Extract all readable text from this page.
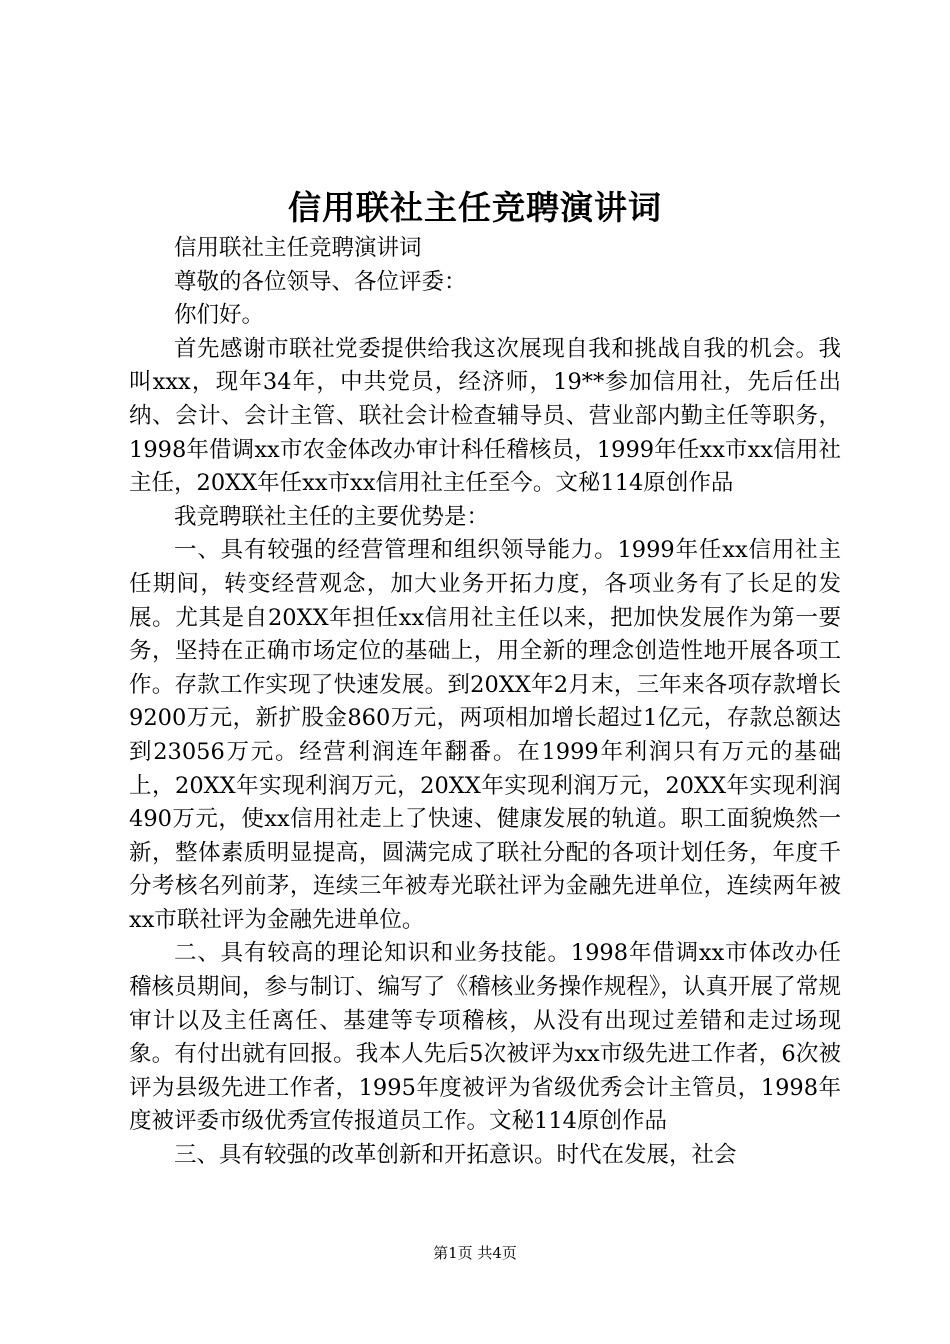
信用联社主任竞聘演讲词

信用联社主任竞聘演讲词

尊敬的各位领导、各位评委：

你们好。

首先感谢市联社党委提供给我这次展现自我和挑战自我的机会。我叫xxx，现年34年，中共党员，经济师，19**参加信用社，先后任出纳、会计、会计主管、联社会计检查辅导员、营业部内勤主任等职务，1998年借调xx市农金体改办审计科任稽核员，1999年任xx市xx信用社主任，20XX年任xx市xx信用社主任至今。文秘114原创作品

我竞聘联社主任的主要优势是：

一、具有较强的经营管理和组织领导能力。1999年任xx信用社主任期间，转变经营观念，加大业务开拓力度，各项业务有了长足的发展。尤其是自20XX年担任xx信用社主任以来，把加快发展作为第一要务，坚持在正确市场定位的基础上，用全新的理念创造性地开展各项工作。存款工作实现了快速发展。到20XX年2月末，三年来各项存款增长9200万元，新扩股金860万元，两项相加增长超过1亿元，存款总额达到23056万元。经营利润连年翻番。在1999年利润只有万元的基础上，20XX年实现利润万元，20XX年实现利润万元，20XX年实现利润490万元，使xx信用社走上了快速、健康发展的轨道。职工面貌焕然一新，整体素质明显提高，圆满完成了联社分配的各项计划任务，年度千分考核名列前茅，连续三年被寿光联社评为金融先进单位，连续两年被xx市联社评为金融先进单位。

二、具有较高的理论知识和业务技能。1998年借调xx市体改办任稽核员期间，参与制订、编写了《稽核业务操作规程》，认真开展了常规审计以及主任离任、基建等专项稽核，从没有出现过差错和走过场现象。有付出就有回报。我本人先后5次被评为xx市级先进工作者，6次被评为县级先进工作者，1995年度被评为省级优秀会计主管员，1998年度被评委市级优秀宣传报道员工作。文秘114原创作品

三、具有较强的改革创新和开拓意识。时代在发展，社会

第1页 共4页
